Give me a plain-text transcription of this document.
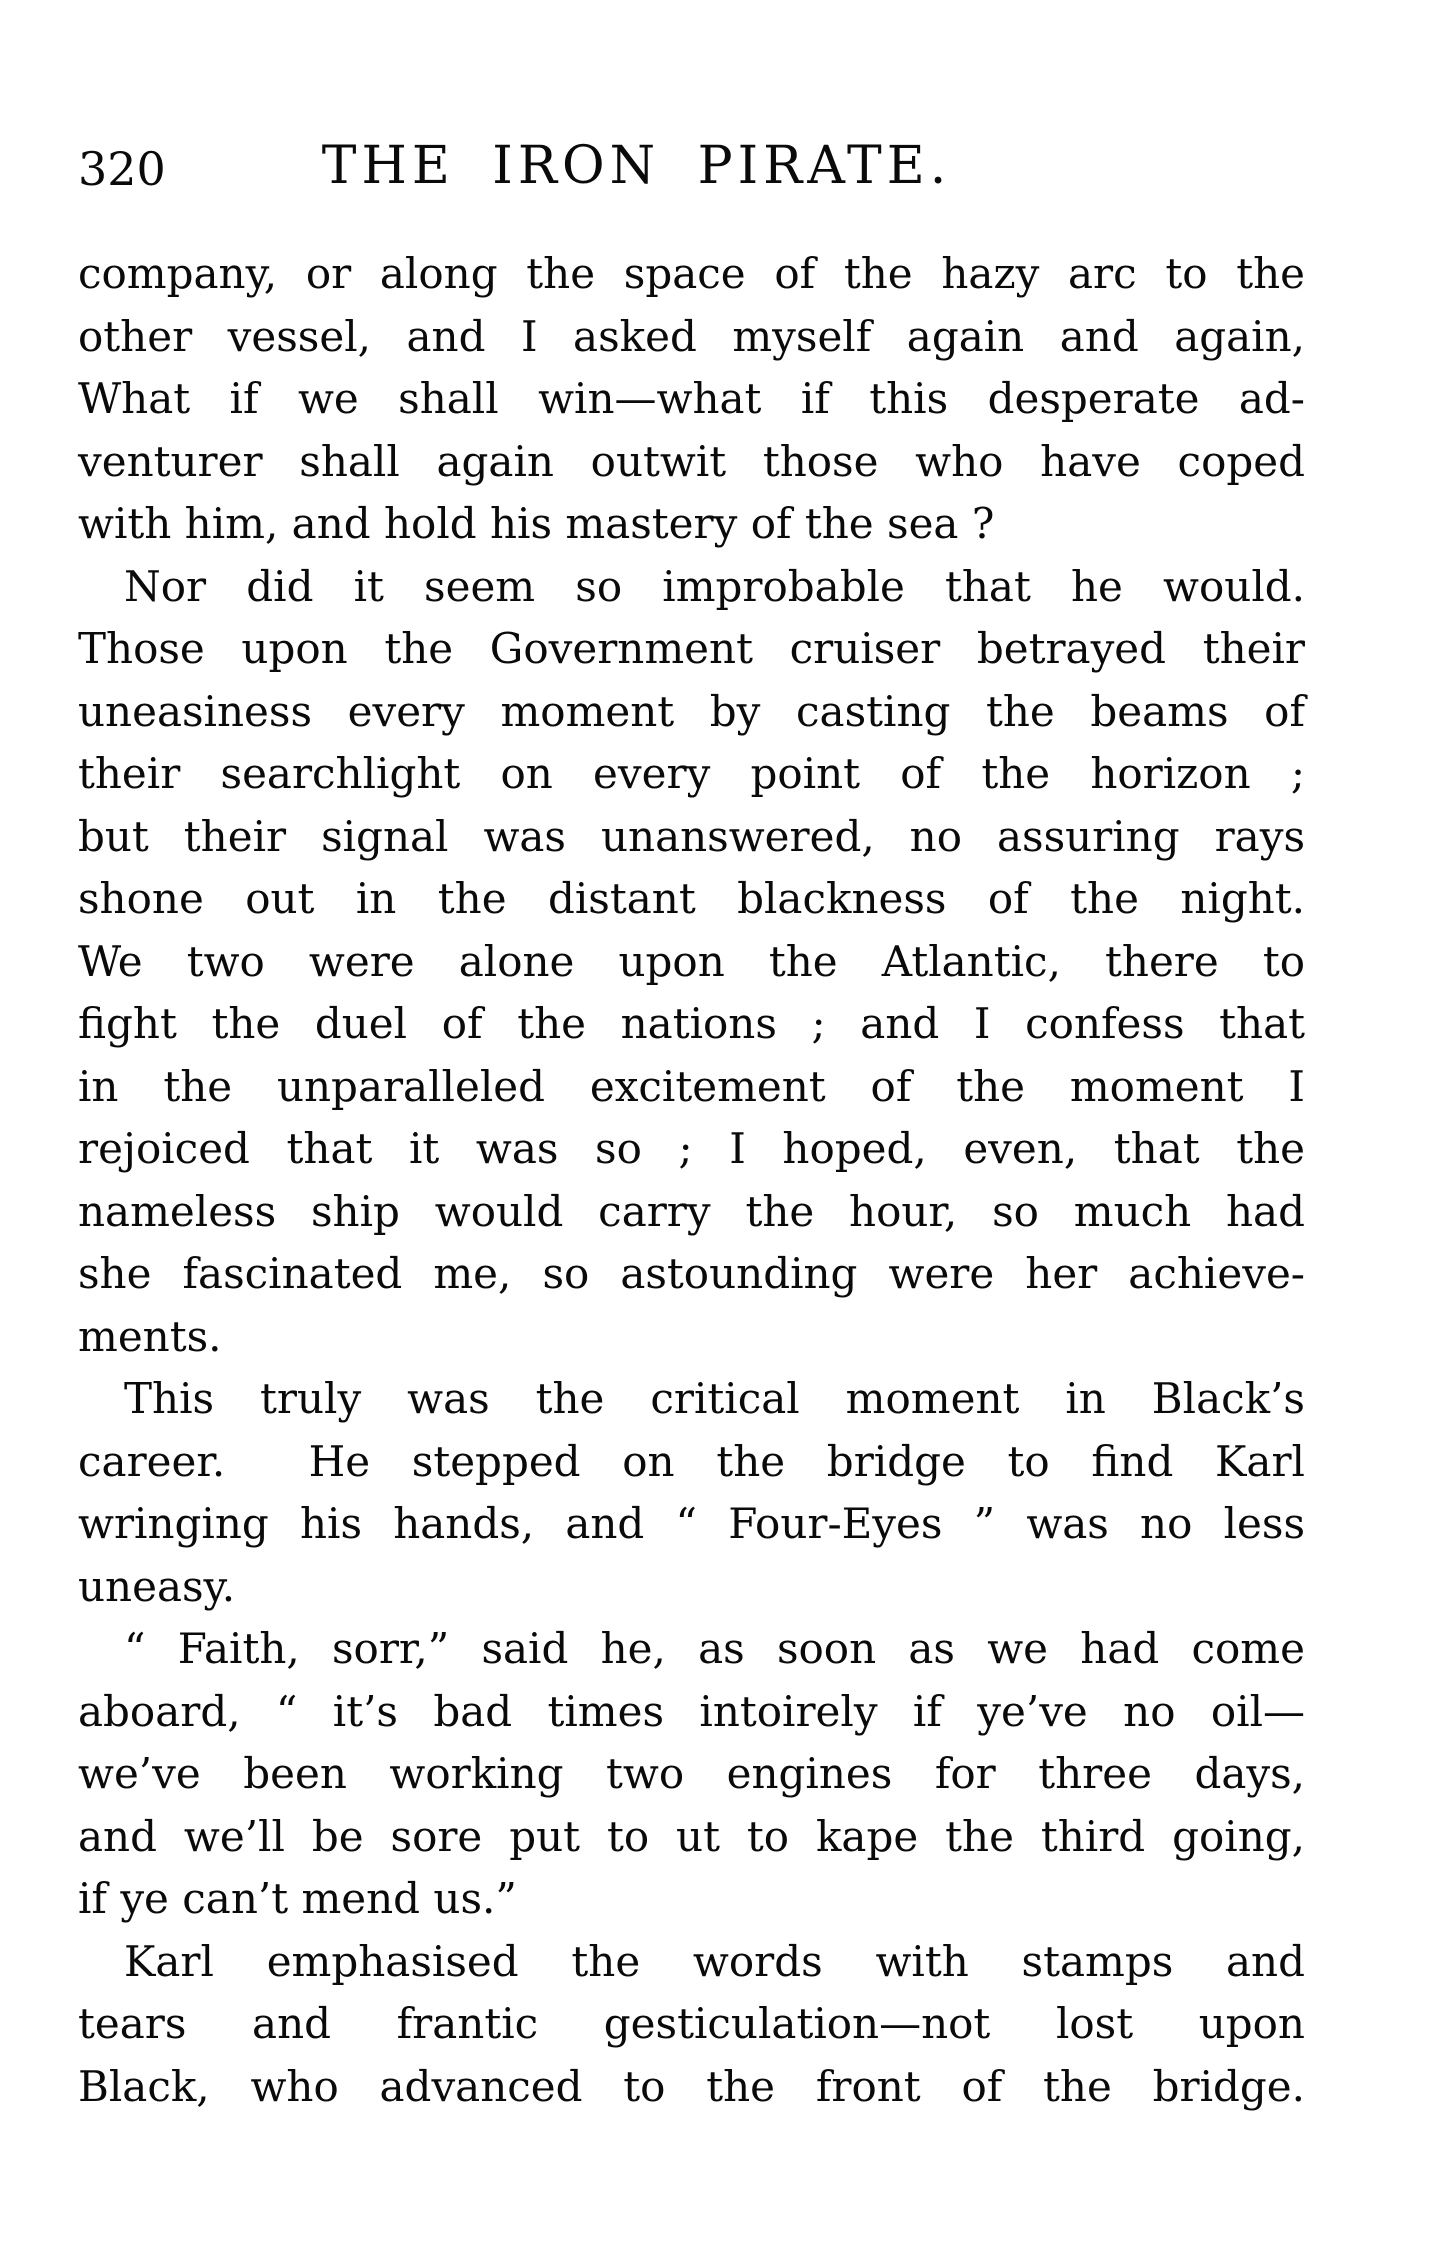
320	THE IRON PIRATE.
company, or along the space of the hazy arc to the
other vessel, and I asked myself again and again,
What if we shall win—what if this desperate ad-
venturer shall again outwit those who have coped
with him, and hold his mastery of the sea ?
Nor did it seem so improbable that he would.
Those upon the Government cruiser betrayed their
uneasiness every moment by casting the beams of
their searchlight on every point of the horizon ;
but their signal was unanswered, no assuring rays
shone out in the distant blackness of the night.
We two were alone upon the Atlantic, there to
fight the duel of the nations ; and I confess that
in the unparalleled excitement of the moment I
rejoiced that it was so ; I hoped, even, that the
nameless ship would carry the hour, so much had
she fascinated me, so astounding were her achieve-
ments.
This truly was the critical moment in Black’s
career.  He stepped on the bridge to find Karl
wringing his hands, and “ Four-Eyes ” was no less
uneasy.
“ Faith, sorr,” said he, as soon as we had come
aboard, “ it’s bad times intoirely if ye’ve no oil—
we’ve been working two engines for three days,
and we’ll be sore put to ut to kape the third going,
if ye can’t mend us.”
Karl emphasised the words with stamps and
tears and frantic gesticulation—not lost upon
Black, who advanced to the front of the bridge.
